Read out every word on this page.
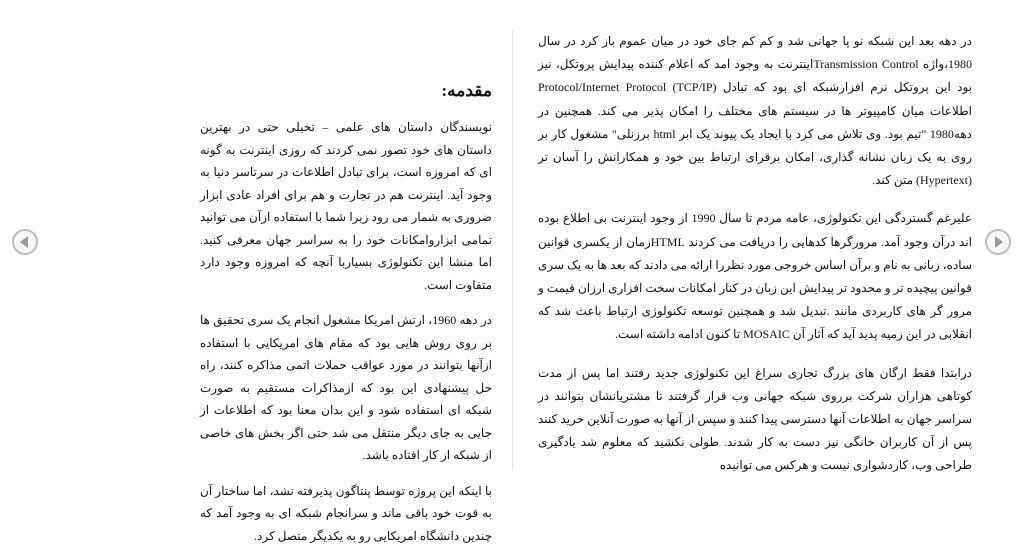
مقدمه:

نویسندگان داستان های علمی – تخیلی حتی در بهترین داستان های خود تصور نمی کردند که روزی اینترنت به گونه ای که امروزه است، برای تبادل اطلاعات در سرتاسر دنیا به وجود آید. اینترنت هم در تجارت و هم برای افراد عادی ابزار ضروری به شمار می رود زیرا شما با استفاده ازآن می توانید تمامی ابزاروامکانات خود را به سراسر جهان معرفی کنید. اما منشا این تکنولوژی بسیاربا آنچه که امروزه وجود دارد متفاوت است.

در دهه 1960، ارتش امریکا مشغول انجام یک سری تحقیق ها بر روی روش هایی بود که مقام های امریکایی با استفاده ازآنها بتوانند در مورد عواقب حملات اتمی مذاکره کنند، راه حل پیشنهادی این بود که ازمذاکرات مستقیم به صورت شبکه ای استفاده شود و این بدان معنا بود که اطلاعات از جایی به جای دیگر منتقل می شد حتی اگر بخش های خاصی از شبکه از کار افتاده باشد.

با اینکه این پروژه توسط پنتاگون پذیرفته نشد، اما ساختار آن به قوت خود باقی ماند و سرانجام شبکه ای به وجود آمد که چندین دانشگاه امریکایی رو به یکدیگر متصل کرد.

در دهه بعد این شبکه نو پا جهانی شد و کم کم جای خود در میان عموم باز کرد در سال 1980،واژه Transmission Controlاینترنت به وجود امد که اعلام کننده پیدایش پروتکل، نیز بود این پروتکل نرم افزارشبکه ای بود که تبادل Protocol/Internet Protocol (TCP/IP) اطلاعات میان کامپیوتر ها در سیستم های مختلف را امکان پذیر می کند. همچنین در دهه1980 "تیم بود. وی تلاش می کرد با ایجاد یک پیوند یک ابر html برزنلی" مشغول کار بر روی به یک زبان نشانه گذاری، امکان برقرای ارتباط بین خود و همکارانش را آسان تر (Hypertext) متن کند.

علیرغم گستردگی این تکنولوژی، عامه مردم تا سال 1990 از وجود اینترنت بی اطلاع بوده اند درآن وجود آمد. مرورگرها کدهایی را دریافت می کردند HTMLزمان از یکسری قوانین ساده، زبانی به نام و برآن اساس خروجی مورد نظررا ارائه می دادند که بعد ها به یک سری قوانین پیچیده تر و محدود تر پیدایش این زبان در کنار امکانات سخت افزاری ارزان قیمت و مرور گر های کاربردی مانند .تبدیل شد و همچنین توسعه تکنولوژی ارتباط باعث شد که انقلابی در این زمیه پدید آید که آثار آن MOSAIC تا کنون ادامه داشته است.

درابتدا فقط ارگان های بزرگ تجاری سراغ این تکنولوژی جدید رفتند اما پس از مدت کوتاهی هزاران شرکت برروی شبکه جهانی وب قرار گرفتند تا مشتریانشان بتوانند در سراسر جهان به اطلاعات آنها دسترسی پیدا کنند و سپس از آنها به صورت آنلاین خرید کنند پس از آن کاربران خانگی نیز دست به کار شدند. طولی نکشید که معلوم شد یادگیری طراحی وب، کاردشواری نیست و هرکس می توانیده
